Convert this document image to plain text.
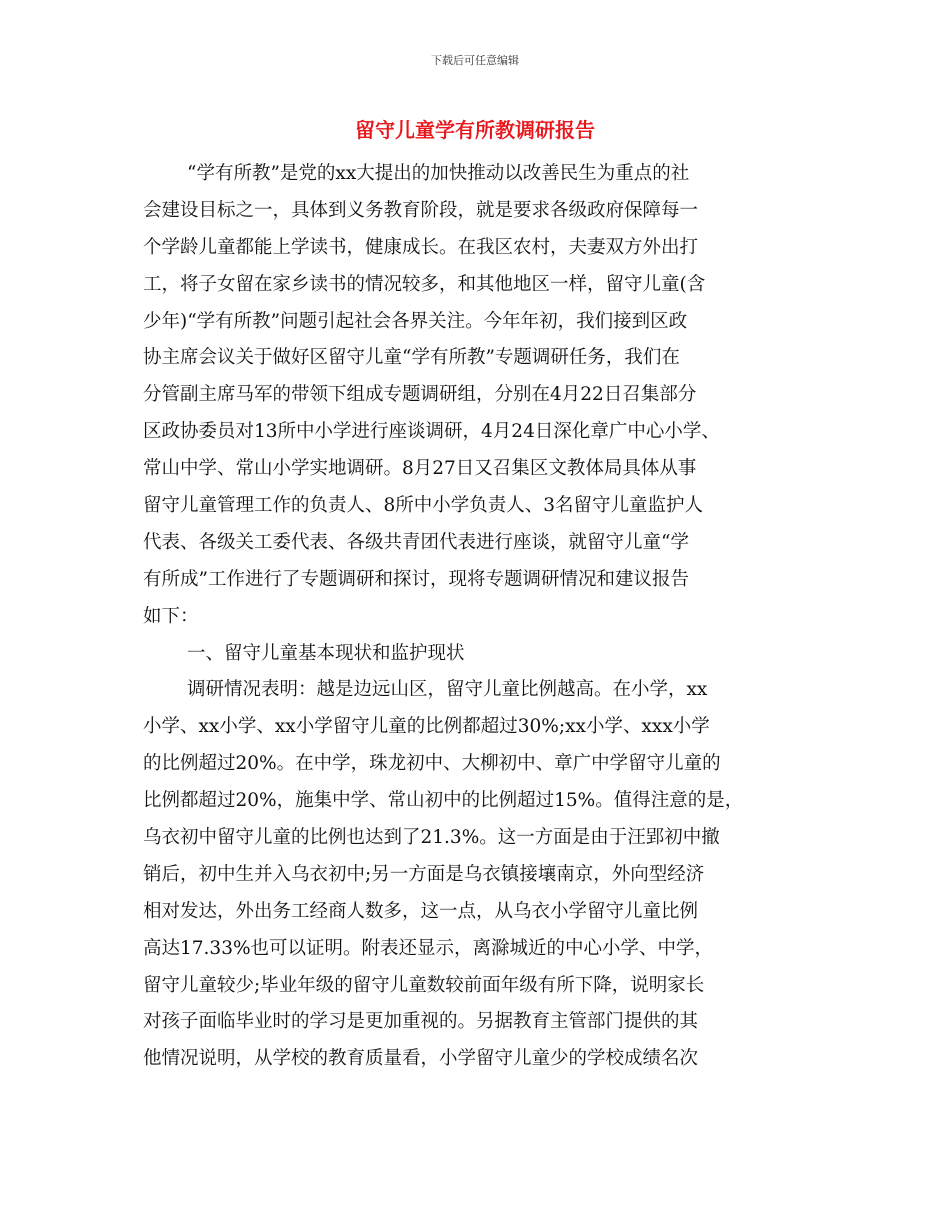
下载后可任意编辑
留守儿童学有所教调研报告
“学有所教”是党的xx大提出的加快推动以改善民生为重点的社
会建设目标之一，具体到义务教育阶段，就是要求各级政府保障每一
个学龄儿童都能上学读书，健康成长。在我区农村，夫妻双方外出打
工，将子女留在家乡读书的情况较多，和其他地区一样，留守儿童(含
少年)“学有所教”问题引起社会各界关注。今年年初，我们接到区政
协主席会议关于做好区留守儿童“学有所教”专题调研任务，我们在
分管副主席马军的带领下组成专题调研组，分别在4月22日召集部分
区政协委员对13所中小学进行座谈调研，4月24日深化章广中心小学、
常山中学、常山小学实地调研。8月27日又召集区文教体局具体从事
留守儿童管理工作的负责人、8所中小学负责人、3名留守儿童监护人
代表、各级关工委代表、各级共青团代表进行座谈，就留守儿童“学
有所成”工作进行了专题调研和探讨，现将专题调研情况和建议报告
如下：
一、留守儿童基本现状和监护现状
调研情况表明：越是边远山区，留守儿童比例越高。在小学，xx
小学、xx小学、xx小学留守儿童的比例都超过30%;xx小学、xxx小学
的比例超过20%。在中学，珠龙初中、大柳初中、章广中学留守儿童的
比例都超过20%，施集中学、常山初中的比例超过15%。值得注意的是，
乌衣初中留守儿童的比例也达到了21.3%。这一方面是由于汪郢初中撤
销后，初中生并入乌衣初中;另一方面是乌衣镇接壤南京，外向型经济
相对发达，外出务工经商人数多，这一点，从乌衣小学留守儿童比例
高达17.33%也可以证明。附表还显示，离滁城近的中心小学、中学，
留守儿童较少;毕业年级的留守儿童数较前面年级有所下降，说明家长
对孩子面临毕业时的学习是更加重视的。另据教育主管部门提供的其
他情况说明，从学校的教育质量看，小学留守儿童少的学校成绩名次
